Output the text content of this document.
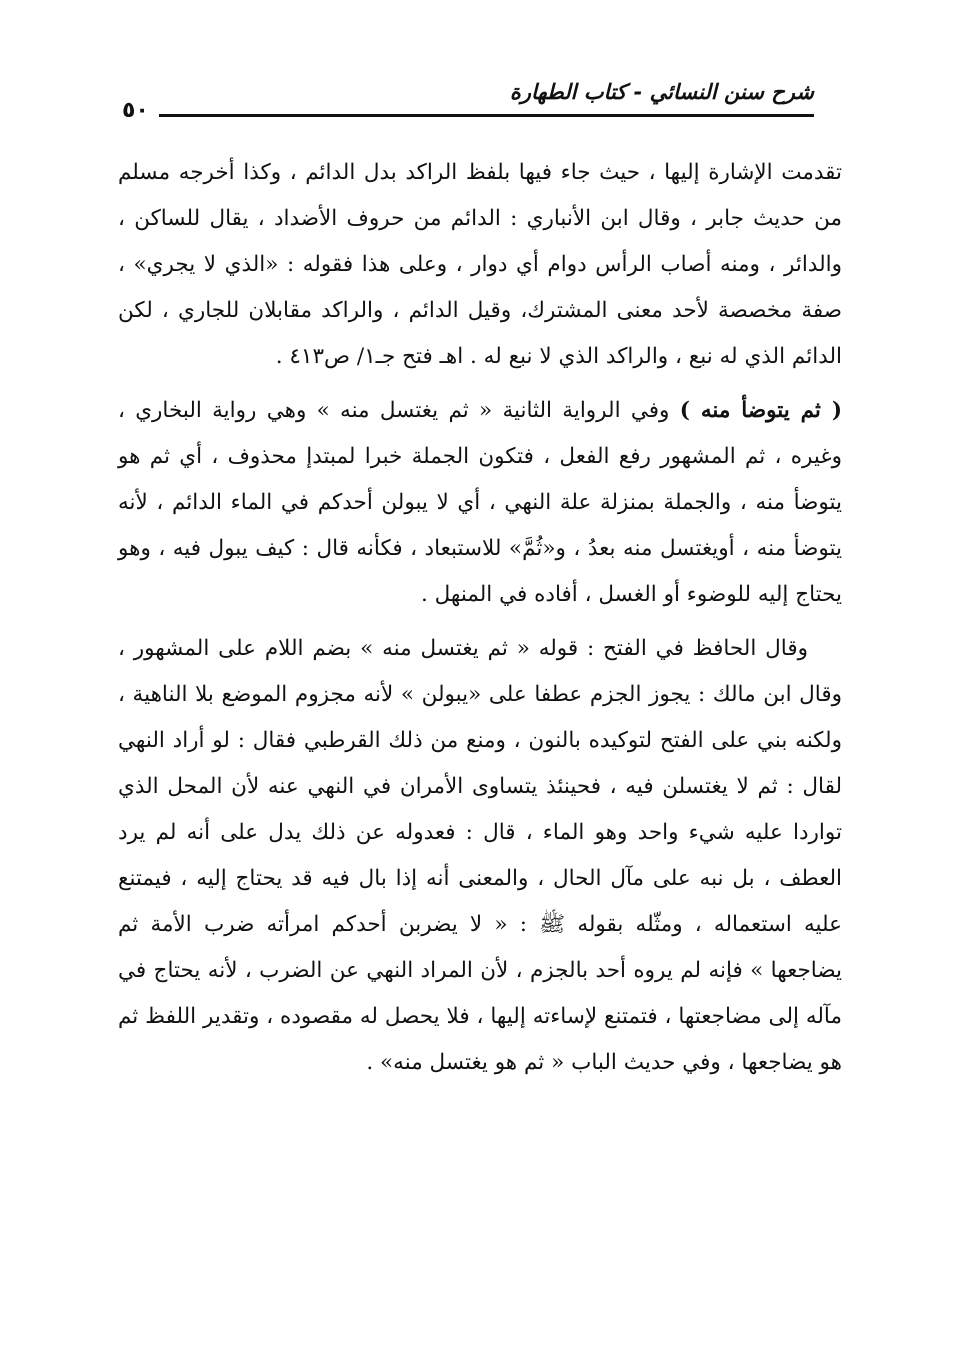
شرح سنن النسائي - كتاب الطهارة
٥٠

تقدمت الإشارة إليها ، حيث جاء فيها بلفظ الراكد بدل الدائم ، وكذا أخرجه مسلم من حديث جابر ، وقال ابن الأنباري : الدائم من حروف الأضداد ، يقال للساكن ، والدائر ، ومنه أصاب الرأس دوام أي دوار ، وعلى هذا فقوله : «الذي لا يجري» ، صفة مخصصة لأحد معنى المشترك، وقيل الدائم ، والراكد مقابلان للجاري ، لكن الدائم الذي له نبع ، والراكد الذي لا نبع له . اهـ فتح جـ١/ ص٤١٣ .

( ثم يتوضأ منه ) وفي الرواية الثانية « ثم يغتسل منه » وهي رواية البخاري ، وغيره ، ثم المشهور رفع الفعل ، فتكون الجملة خبرا لمبتدإ محذوف ، أي ثم هو يتوضأ منه ، والجملة بمنزلة علة النهي ، أي لا يبولن أحدكم في الماء الدائم ، لأنه يتوضأ منه ، أويغتسل منه بعدُ ، و«ثُمَّ» للاستبعاد ، فكأنه قال : كيف يبول فيه ، وهو يحتاج إليه للوضوء أو الغسل ، أفاده في المنهل .

وقال الحافظ في الفتح : قوله « ثم يغتسل منه » بضم اللام على المشهور ، وقال ابن مالك : يجوز الجزم عطفا على «يبولن » لأنه مجزوم الموضع بلا الناهية ، ولكنه بني على الفتح لتوكيده بالنون ، ومنع من ذلك القرطبي فقال : لو أراد النهي لقال : ثم لا يغتسلن فيه ، فحينئذ يتساوى الأمران في النهي عنه لأن المحل الذي تواردا عليه شيء واحد وهو الماء ، قال : فعدوله عن ذلك يدل على أنه لم يرد العطف ، بل نبه على مآل الحال ، والمعنى أنه إذا بال فيه قد يحتاج إليه ، فيمتنع عليه استعماله ، ومثّله بقوله ﷺ : « لا يضربن أحدكم امرأته ضرب الأمة ثم يضاجعها » فإنه لم يروه أحد بالجزم ، لأن المراد النهي عن الضرب ، لأنه يحتاج في مآله إلى مضاجعتها ، فتمتنع لإساءته إليها ، فلا يحصل له مقصوده ، وتقدير اللفظ ثم هو يضاجعها ، وفي حديث الباب « ثم هو يغتسل منه» .
